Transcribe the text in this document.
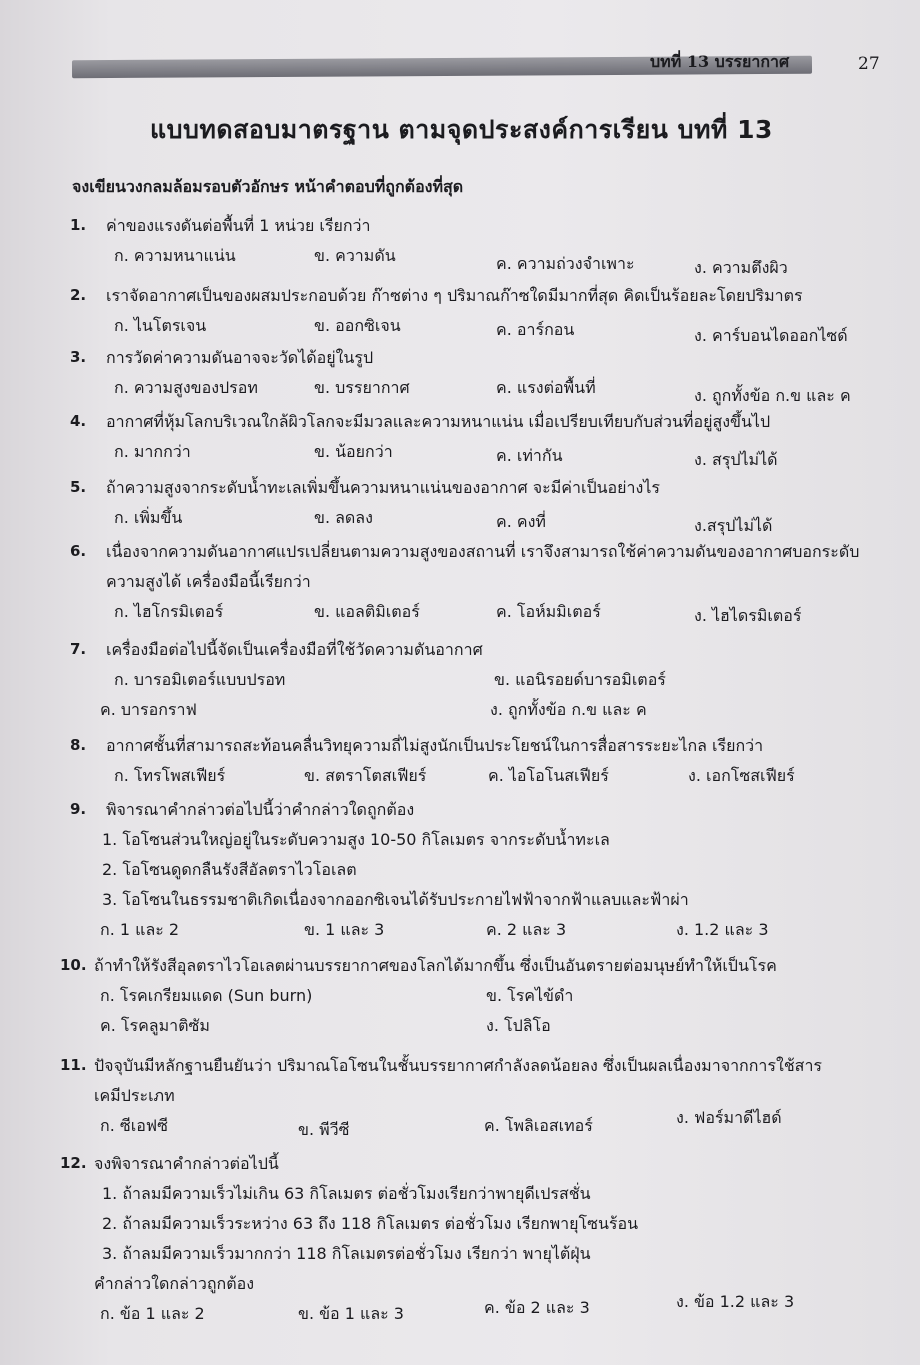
บทที่ 13 บรรยากาศ	27
แบบทดสอบมาตรฐาน ตามจุดประสงค์การเรียน บทที่ 13
จงเขียนวงกลมล้อมรอบตัวอักษร หน้าคำตอบที่ถูกต้องที่สุด
1.	ค่าของแรงดันต่อพื้นที่ 1 หน่วย เรียกว่า
ก. ความหนาแน่น	ข. ความดัน	ค. ความถ่วงจำเพาะ	ง. ความตึงผิว
2.	เราจัดอากาศเป็นของผสมประกอบด้วย ก๊าซต่าง ๆ ปริมาณก๊าซใดมีมากที่สุด คิดเป็นร้อยละโดยปริมาตร
ก. ไนโตรเจน	ข. ออกซิเจน	ค. อาร์กอน	ง. คาร์บอนไดออกไซด์
3.	การวัดค่าความดันอาจจะวัดได้อยู่ในรูป
ก. ความสูงของปรอท	ข. บรรยากาศ	ค. แรงต่อพื้นที่	ง. ถูกทั้งข้อ ก.ข และ ค
4.	อากาศที่หุ้มโลกบริเวณใกล้ผิวโลกจะมีมวลและความหนาแน่น เมื่อเปรียบเทียบกับส่วนที่อยู่สูงขึ้นไป
ก. มากกว่า	ข. น้อยกว่า	ค. เท่ากัน	ง. สรุปไม่ได้
5.	ถ้าความสูงจากระดับน้ำทะเลเพิ่มขึ้นความหนาแน่นของอากาศ จะมีค่าเป็นอย่างไร
ก. เพิ่มขึ้น	ข. ลดลง	ค. คงที่	ง.สรุปไม่ได้
6.	เนื่องจากความดันอากาศแปรเปลี่ยนตามความสูงของสถานที่ เราจึงสามารถใช้ค่าความดันของอากาศบอกระดับ
ความสูงได้ เครื่องมือนี้เรียกว่า
ก. ไฮโกรมิเตอร์	ข. แอลติมิเตอร์	ค. โอห์มมิเตอร์	ง. ไฮไดรมิเตอร์
7.	เครื่องมือต่อไปนี้จัดเป็นเครื่องมือที่ใช้วัดความดันอากาศ
ก. บารอมิเตอร์แบบปรอท	ข. แอนิรอยด์บารอมิเตอร์
ค. บารอกราฟ	ง. ถูกทั้งข้อ ก.ข และ ค
8.	อากาศชั้นที่สามารถสะท้อนคลื่นวิทยุความถี่ไม่สูงนักเป็นประโยชน์ในการสื่อสารระยะไกล เรียกว่า
ก. โทรโพสเฟียร์	ข. สตราโตสเฟียร์	ค. ไอโอโนสเฟียร์	ง. เอกโซสเฟียร์
9.	พิจารณาคำกล่าวต่อไปนี้ว่าคำกล่าวใดถูกต้อง
1. โอโซนส่วนใหญ่อยู่ในระดับความสูง 10-50 กิโลเมตร จากระดับน้ำทะเล
2. โอโซนดูดกลืนรังสีอัลตราไวโอเลต
3. โอโซนในธรรมชาติเกิดเนื่องจากออกซิเจนได้รับประกายไฟฟ้าจากฟ้าแลบและฟ้าผ่า
ก. 1 และ 2	ข. 1 และ 3	ค. 2 และ 3	ง. 1.2 และ 3
10. ถ้าทำให้รังสีอุลตราไวโอเลตผ่านบรรยากาศของโลกได้มากขึ้น ซึ่งเป็นอันตรายต่อมนุษย์ทำให้เป็นโรค
ก. โรคเกรียมแดด (Sun burn)	ข. โรคไข้ดำ
ค. โรคลูมาติซัม	ง. โปลิโอ
11. ปัจจุบันมีหลักฐานยืนยันว่า ปริมาณโอโซนในชั้นบรรยากาศกำลังลดน้อยลง ซึ่งเป็นผลเนื่องมาจากการใช้สาร
เคมีประเภท
ก. ซีเอฟซี	ข. พีวีซี	ค. โพลิเอสเทอร์	ง. ฟอร์มาดีไฮด์
12. จงพิจารณาคำกล่าวต่อไปนี้
1. ถ้าลมมีความเร็วไม่เกิน 63 กิโลเมตร ต่อชั่วโมงเรียกว่าพายุดีเปรสชั่น
2. ถ้าลมมีความเร็วระหว่าง 63 ถึง 118 กิโลเมตร ต่อชั่วโมง เรียกพายุโซนร้อน
3. ถ้าลมมีความเร็วมากกว่า 118 กิโลเมตรต่อชั่วโมง เรียกว่า พายุไต้ฝุ่น
คำกล่าวใดกล่าวถูกต้อง
ก. ข้อ 1 และ 2	ข. ข้อ 1 และ 3	ค. ข้อ 2 และ 3	ง. ข้อ 1.2 และ 3
